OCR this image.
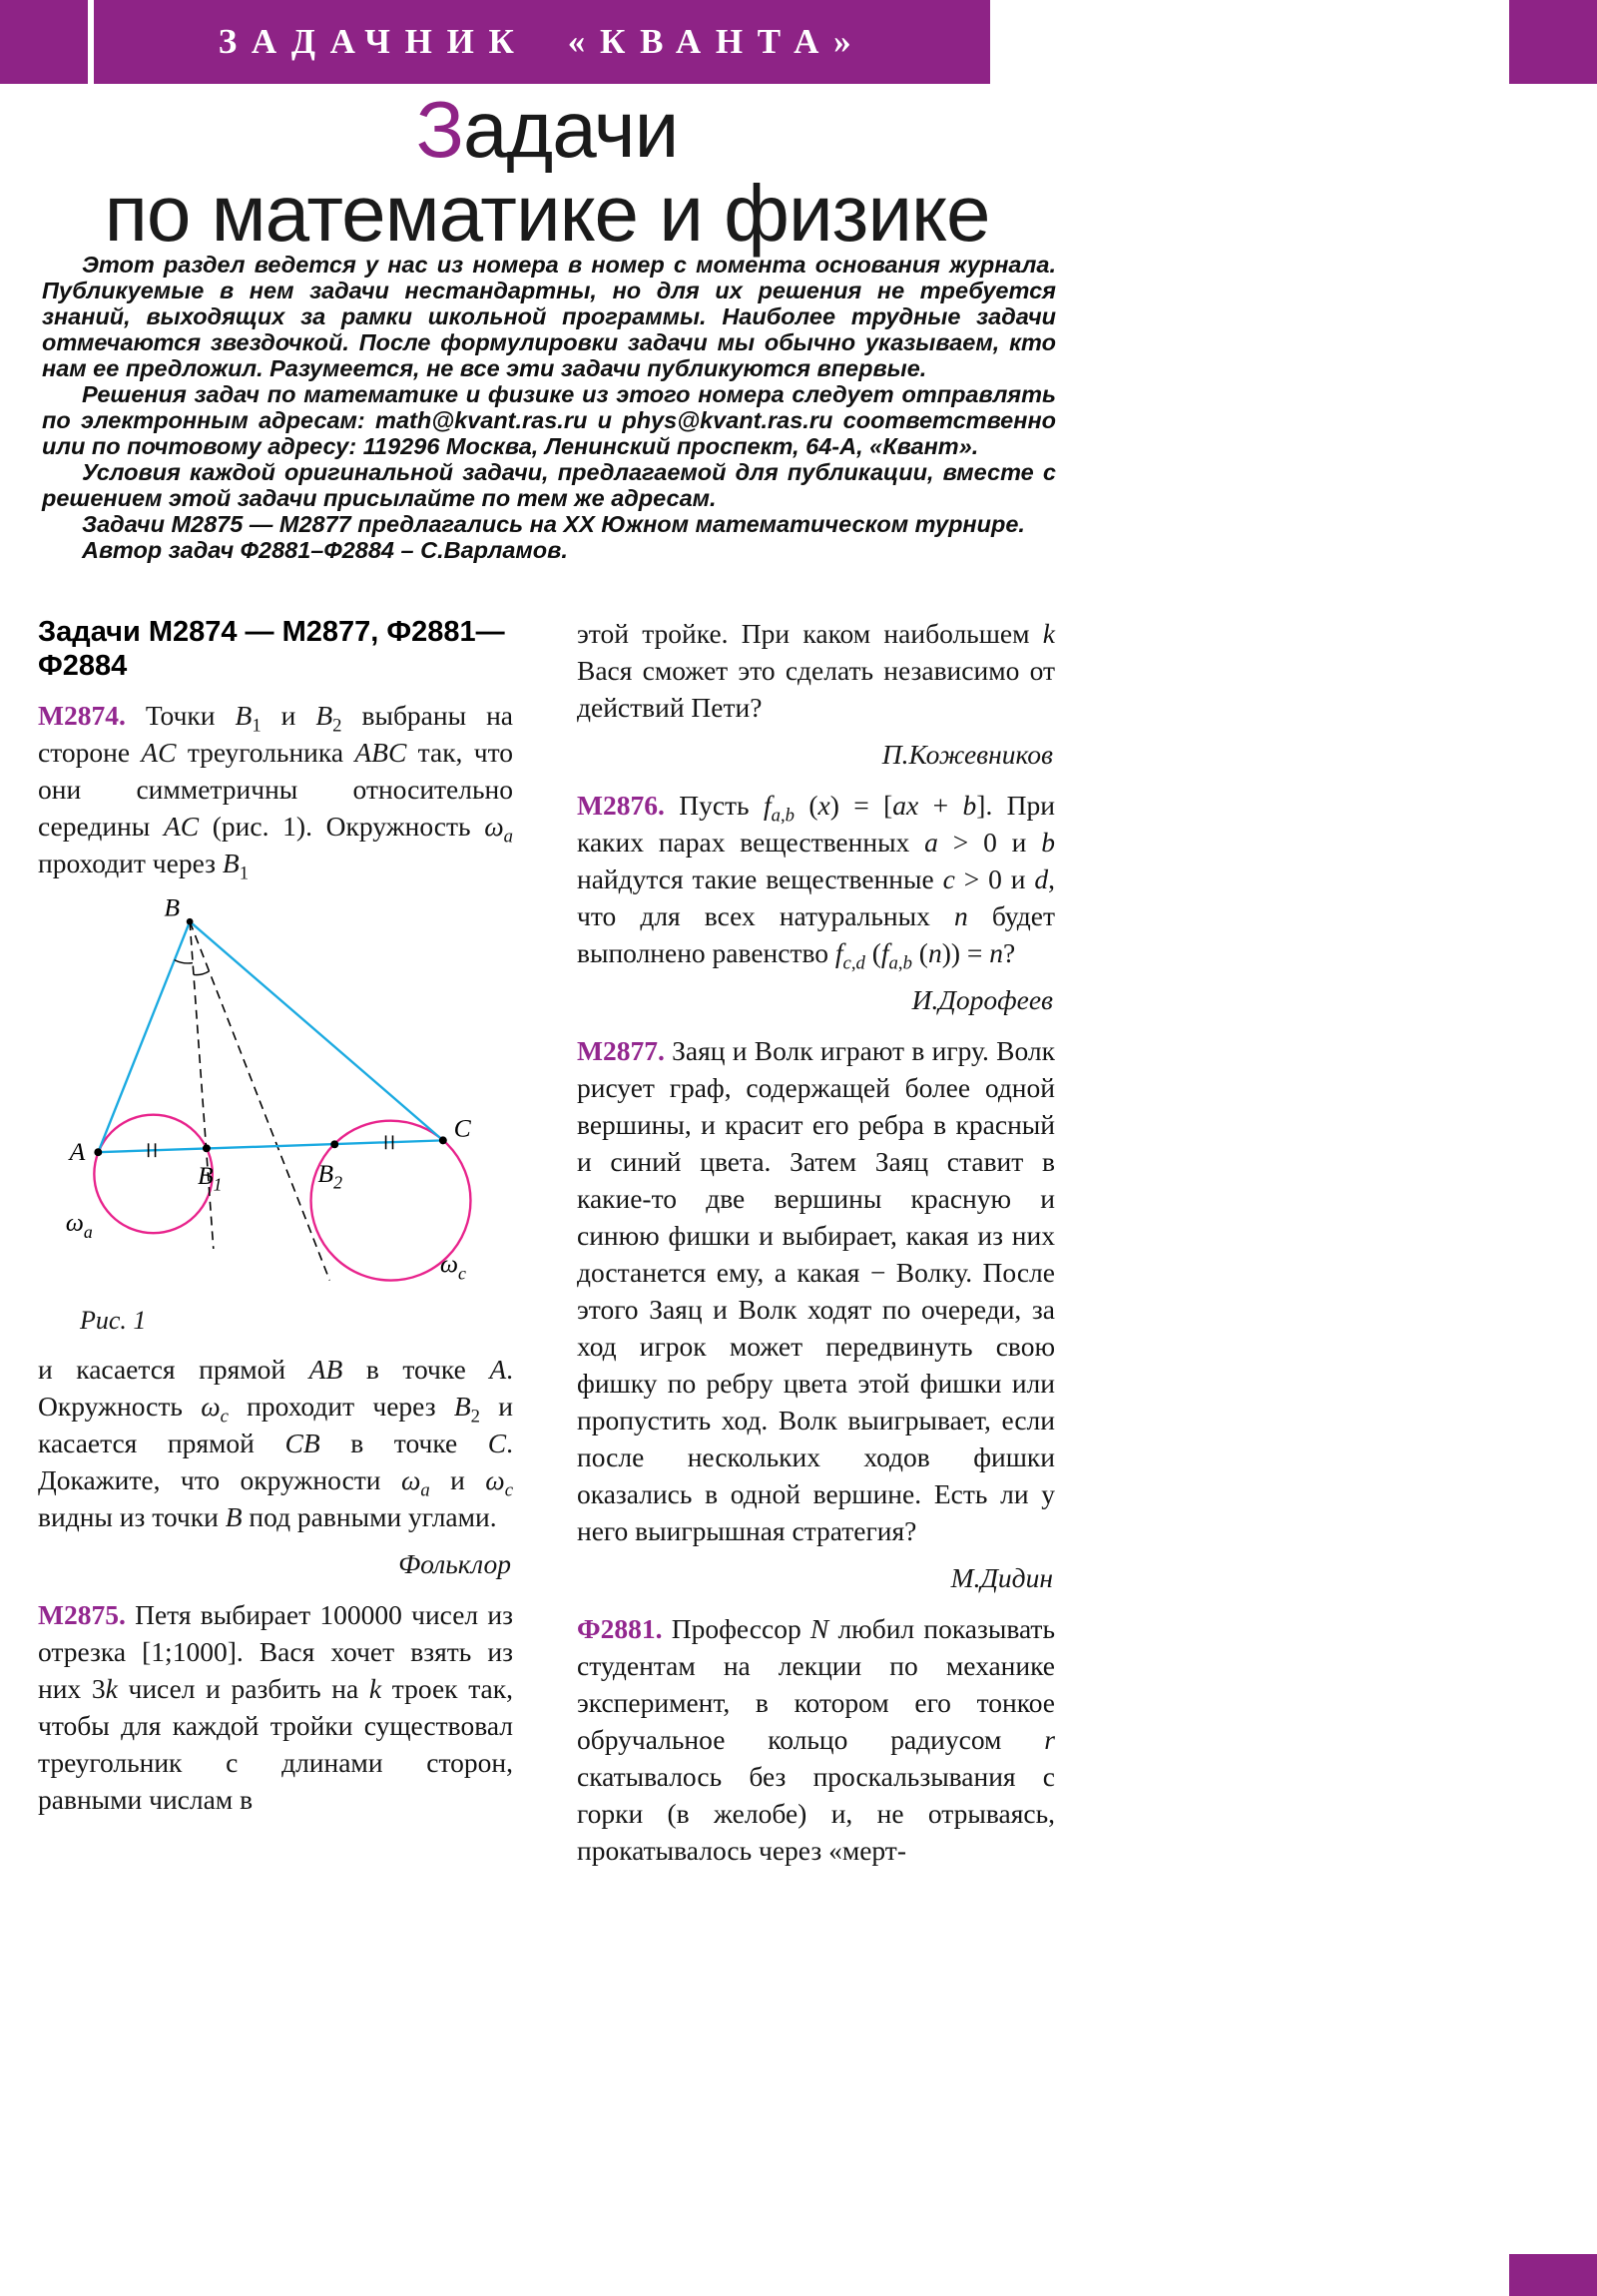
ЗАДАЧНИК «КВАНТА»
Задачи
по математике и физике

Этот раздел ведется у нас из номера в номер с момента основания журнала. Публикуемые в нем задачи нестандартны, но для их решения не требуется знаний, выходящих за рамки школьной программы. Наиболее трудные задачи отмечаются звездочкой. После формулировки задачи мы обычно указываем, кто нам ее предложил. Разумеется, не все эти задачи публикуются впервые.

Решения задач по математике и физике из этого номера следует отправлять по электронным адресам: math@kvant.ras.ru и phys@kvant.ras.ru соответственно или по почтовому адресу: 119296 Москва, Ленинский проспект, 64-А, «Квант».

Условия каждой оригинальной задачи, предлагаемой для публикации, вместе с решением этой задачи присылайте по тем же адресам.

Задачи М2875 — М2877 предлагались на XX Южном математическом турнире.

Автор задач Ф2881–Ф2884 – С.Варламов.

Задачи М2874 — М2877, Ф2881—Ф2884

М2874. Точки $B_1$ и $B_2$ выбраны на стороне AC треугольника ABC так, что они симметричны относительно середины AC (рис. 1). Окружность $\omega_a$ проходит через $B_1$

B
A
C
$B_1$	$B_2$
$\omega_a$
$\omega_c$
Рис. 1

и касается прямой AB в точке A. Окружность $\omega_c$ проходит через $B_2$ и касается прямой CB в точке C. Докажите, что окружности $\omega_a$ и $\omega_c$ видны из точки B под равными углами.

Фольклор

М2875. Петя выбирает 100000 чисел из отрезка [1;1000]. Вася хочет взять из них 3k чисел и разбить на k троек так, чтобы для каждой тройки существовал треугольник с длинами сторон, равными числам в

этой тройке. При каком наибольшем k Вася сможет это сделать независимо от действий Пети?

П.Кожевников

М2876. Пусть $f_{a,b}$ (x) = [ax + b]. При каких парах вещественных a > 0 и b найдутся такие вещественные c > 0 и d, что для всех натуральных n будет выполнено равенство $f_{c,d}$ ($f_{a,b}$ (n)) = n?

И.Дорофеев

М2877. Заяц и Волк играют в игру. Волк рисует граф, содержащей более одной вершины, и красит его ребра в красный и синий цвета. Затем Заяц ставит в какие-то две вершины красную и синюю фишки и выбирает, какая из них достанется ему, а какая − Волку. После этого Заяц и Волк ходят по очереди, за ход игрок может передвинуть свою фишку по ребру цвета этой фишки или пропустить ход. Волк выигрывает, если после нескольких ходов фишки оказались в одной вершине. Есть ли у него выигрышная стратегия?

М.Дидин

Ф2881. Профессор N любил показывать студентам на лекции по механике эксперимент, в котором его тонкое обручальное кольцо радиусом r скатывалось без проскальзывания с горки (в желобе) и, не отрываясь, прокатывалось через «мерт-
